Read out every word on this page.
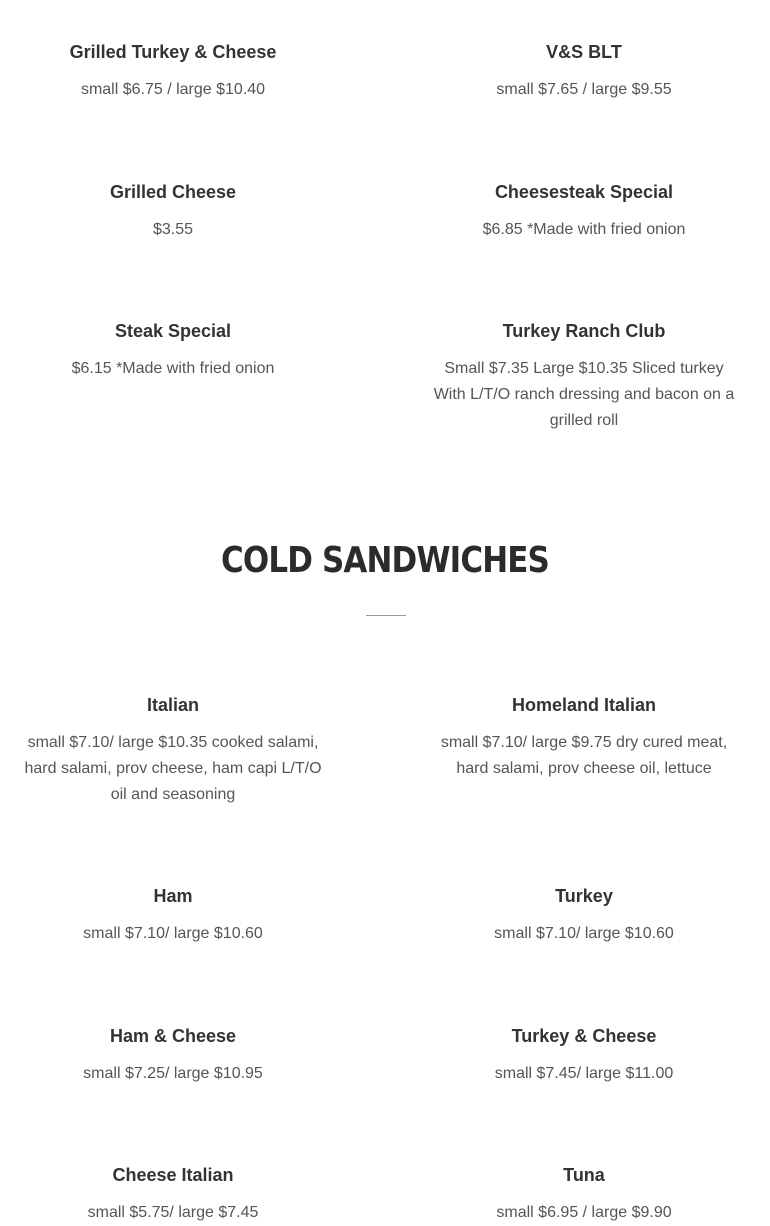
Grilled Turkey & Cheese

small $6.75 / large $10.40

V&S BLT

small $7.65 / large $9.55

Grilled Cheese

$3.55

Cheesesteak Special

$6.85 *Made with fried onion

Steak Special

$6.15 *Made with fried onion

Turkey Ranch Club

Small $7.35 Large $10.35 Sliced turkey With L/T/O ranch dressing and bacon on a grilled roll

COLD SANDWICHES
Italian

small $7.10/ large $10.35 cooked salami, hard salami, prov cheese, ham capi L/T/O oil and seasoning

Homeland Italian

small $7.10/ large $9.75 dry cured meat, hard salami, prov cheese oil, lettuce

Ham

small $7.10/ large $10.60

Turkey

small $7.10/ large $10.60

Ham & Cheese

small $7.25/ large $10.95

Turkey & Cheese

small $7.45/ large $11.00

Cheese Italian

small $5.75/ large $7.45

Tuna

small $6.95 / large $9.90
